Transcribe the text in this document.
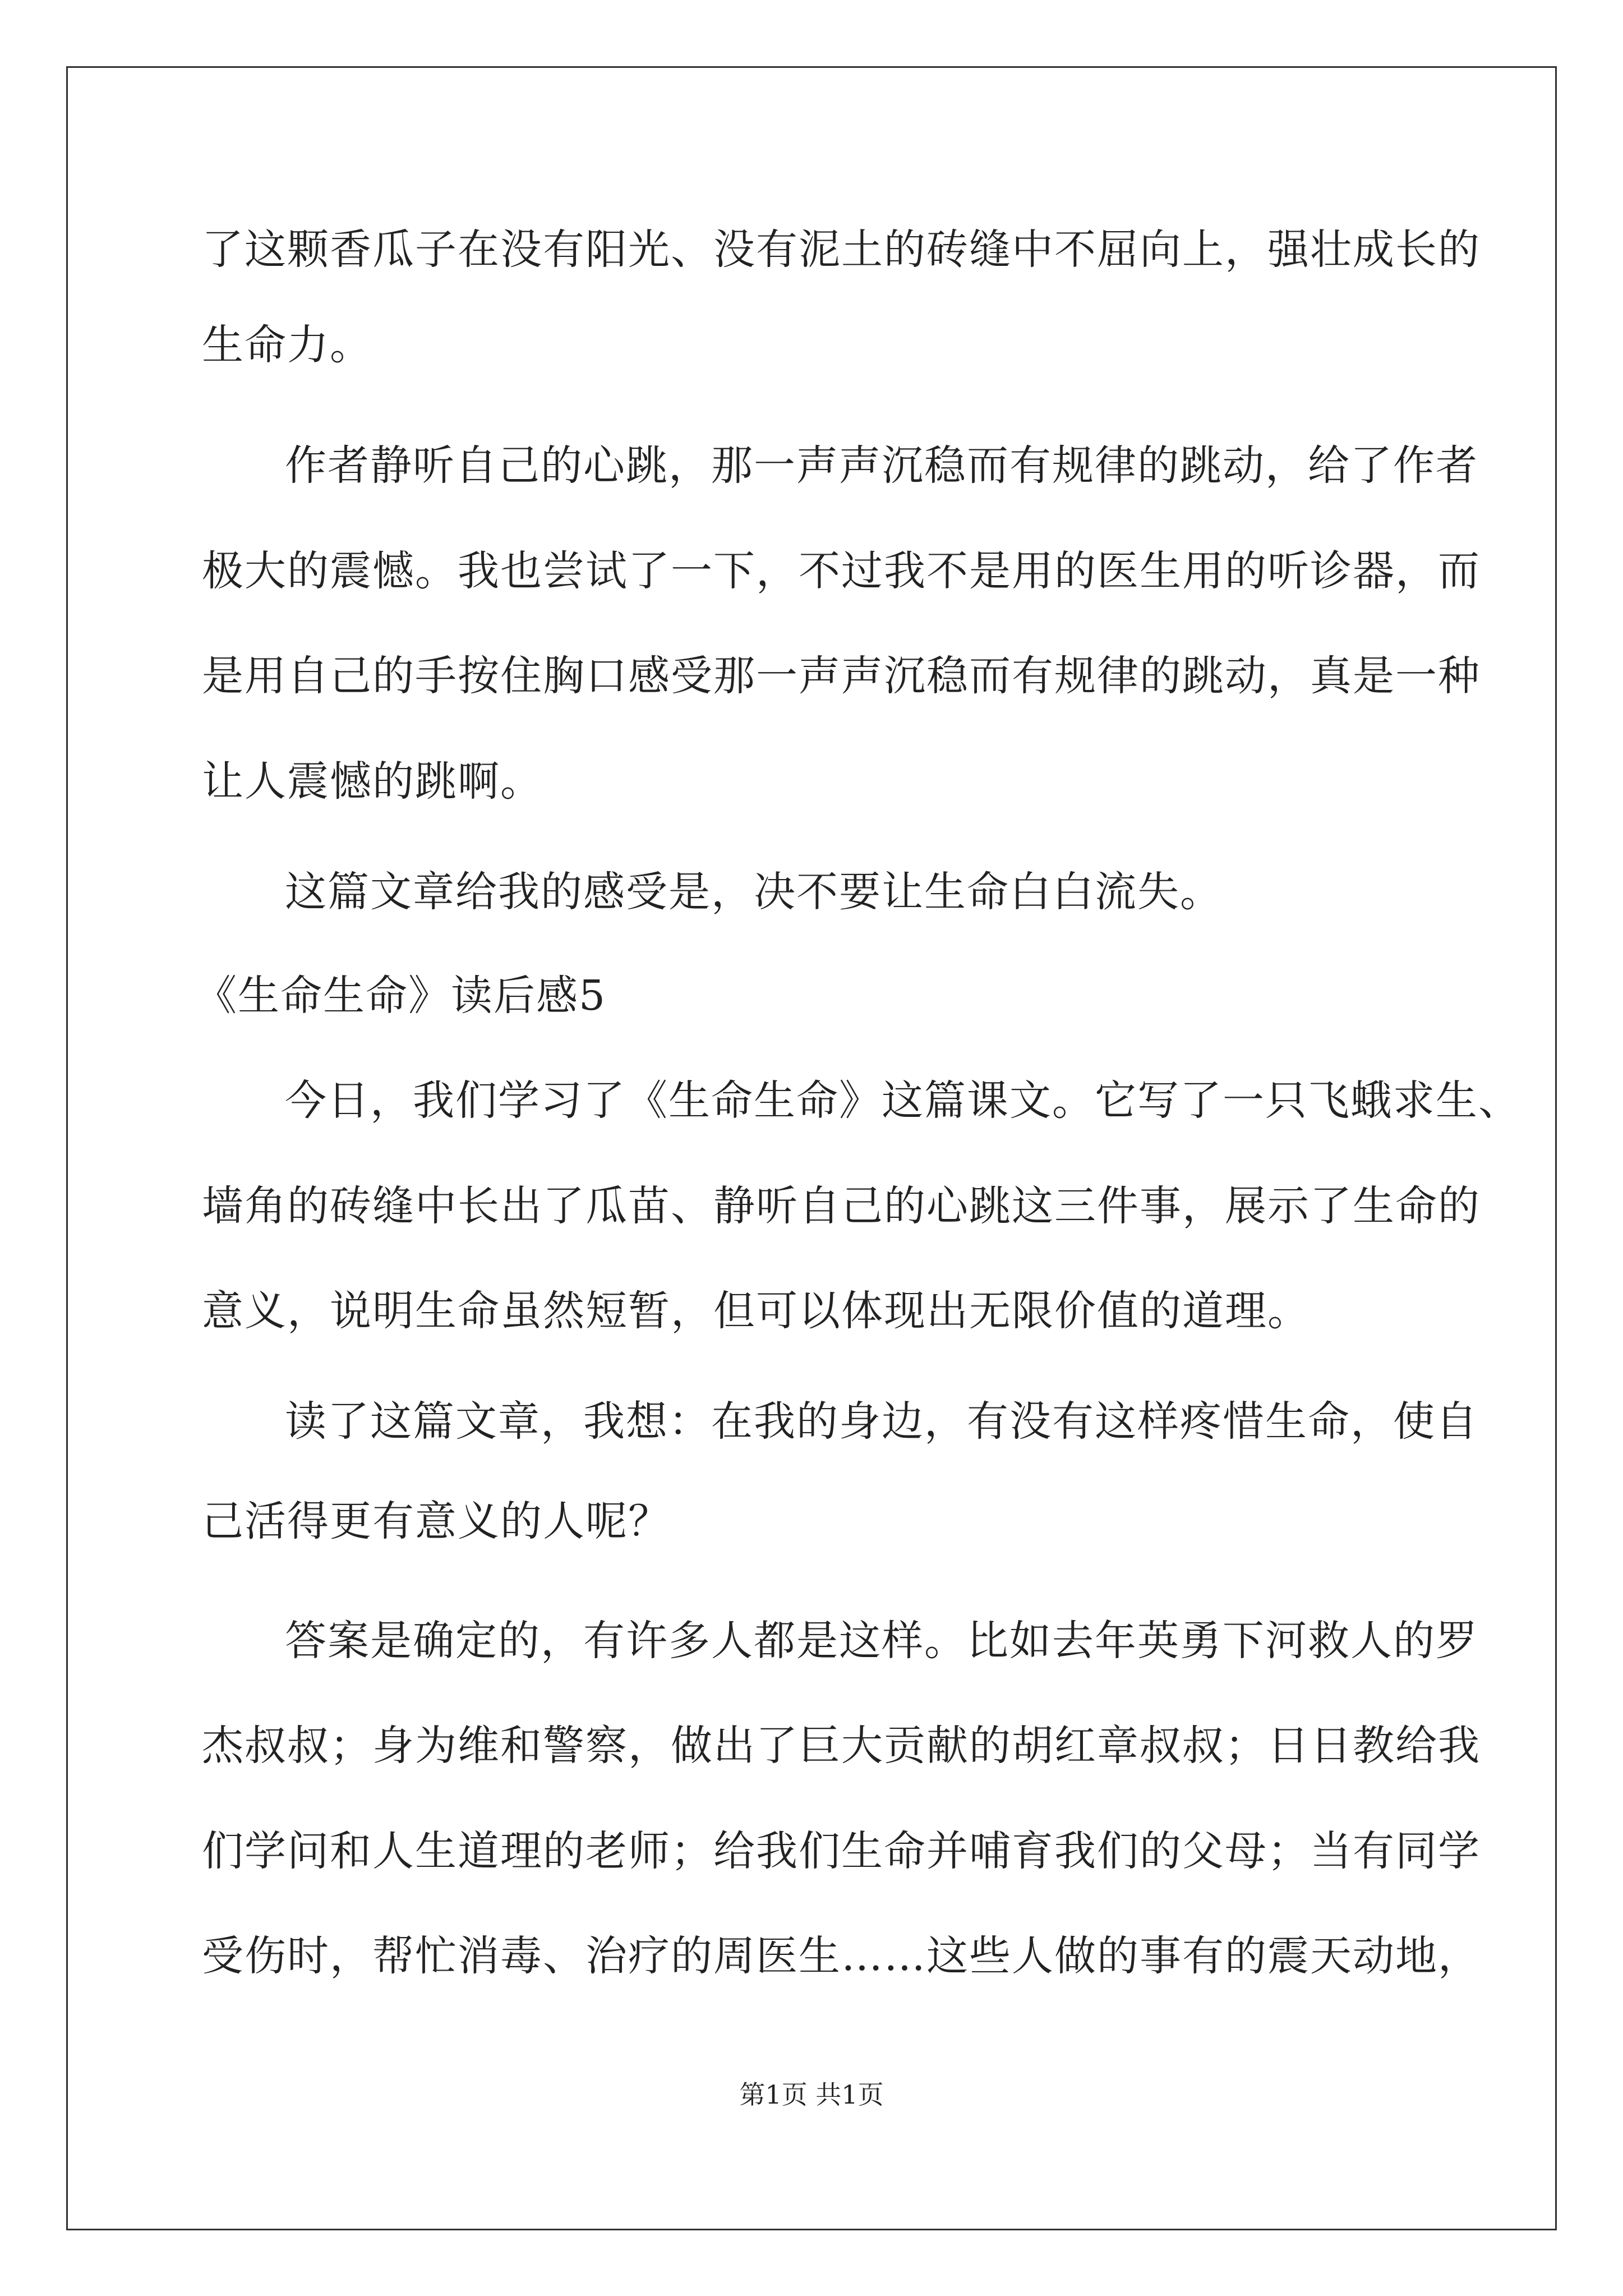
了这颗香瓜子在没有阳光、没有泥土的砖缝中不屈向上，强壮成长的
生命力。
作者静听自己的心跳，那一声声沉稳而有规律的跳动，给了作者
极大的震憾。我也尝试了一下，不过我不是用的医生用的听诊器，而
是用自己的手按住胸口感受那一声声沉稳而有规律的跳动，真是一种
让人震憾的跳啊。
这篇文章给我的感受是，决不要让生命白白流失。
《生命生命》读后感5
今日，我们学习了《生命生命》这篇课文。它写了一只飞蛾求生、
墙角的砖缝中长出了瓜苗、静听自己的心跳这三件事，展示了生命的
意义，说明生命虽然短暂，但可以体现出无限价值的道理。
读了这篇文章，我想：在我的身边，有没有这样疼惜生命，使自
己活得更有意义的人呢？
答案是确定的，有许多人都是这样。比如去年英勇下河救人的罗
杰叔叔；身为维和警察，做出了巨大贡献的胡红章叔叔；日日教给我
们学问和人生道理的老师；给我们生命并哺育我们的父母；当有同学
受伤时，帮忙消毒、治疗的周医生……这些人做的事有的震天动地，
第1页 共1页
